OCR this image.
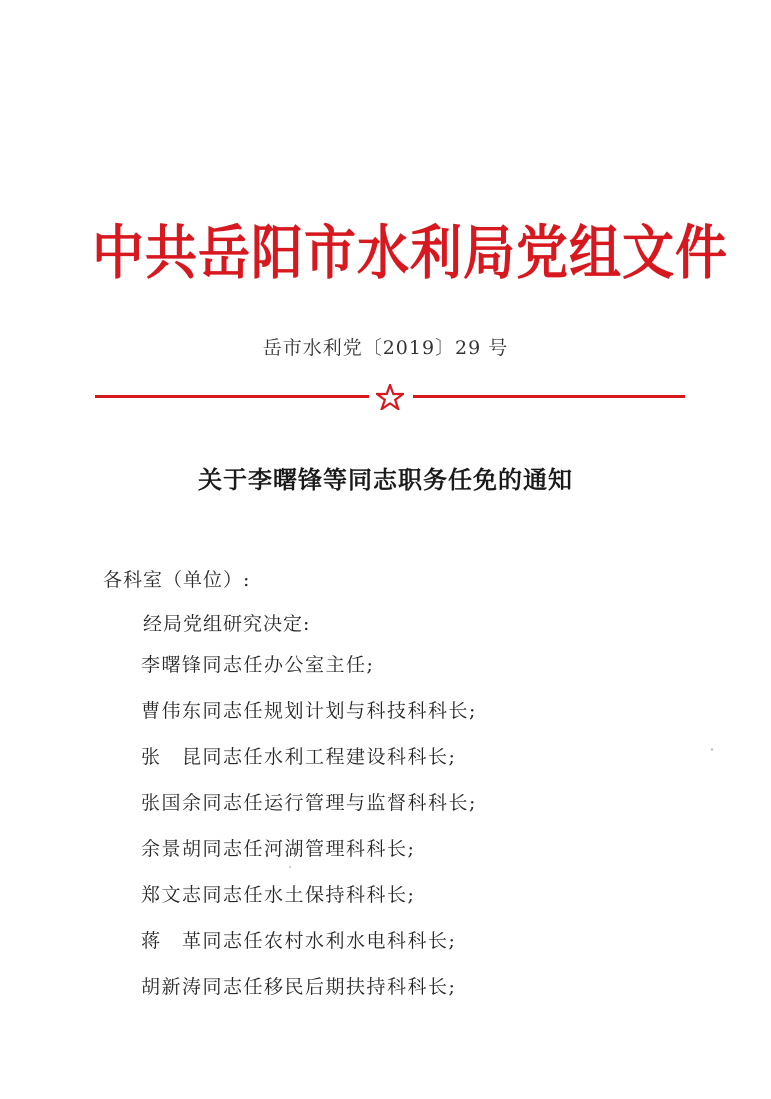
中共岳阳市水利局党组文件
岳市水利党〔2019〕29 号
关于李曙锋等同志职务任免的通知
各科室（单位）:
经局党组研究决定:
李曙锋同志任办公室主任;
曹伟东同志任规划计划与科技科科长;
张　昆同志任水利工程建设科科长;
张国余同志任运行管理与监督科科长;
余景胡同志任河湖管理科科长;
郑文志同志任水土保持科科长;
蒋　革同志任农村水利水电科科长;
胡新涛同志任移民后期扶持科科长;
